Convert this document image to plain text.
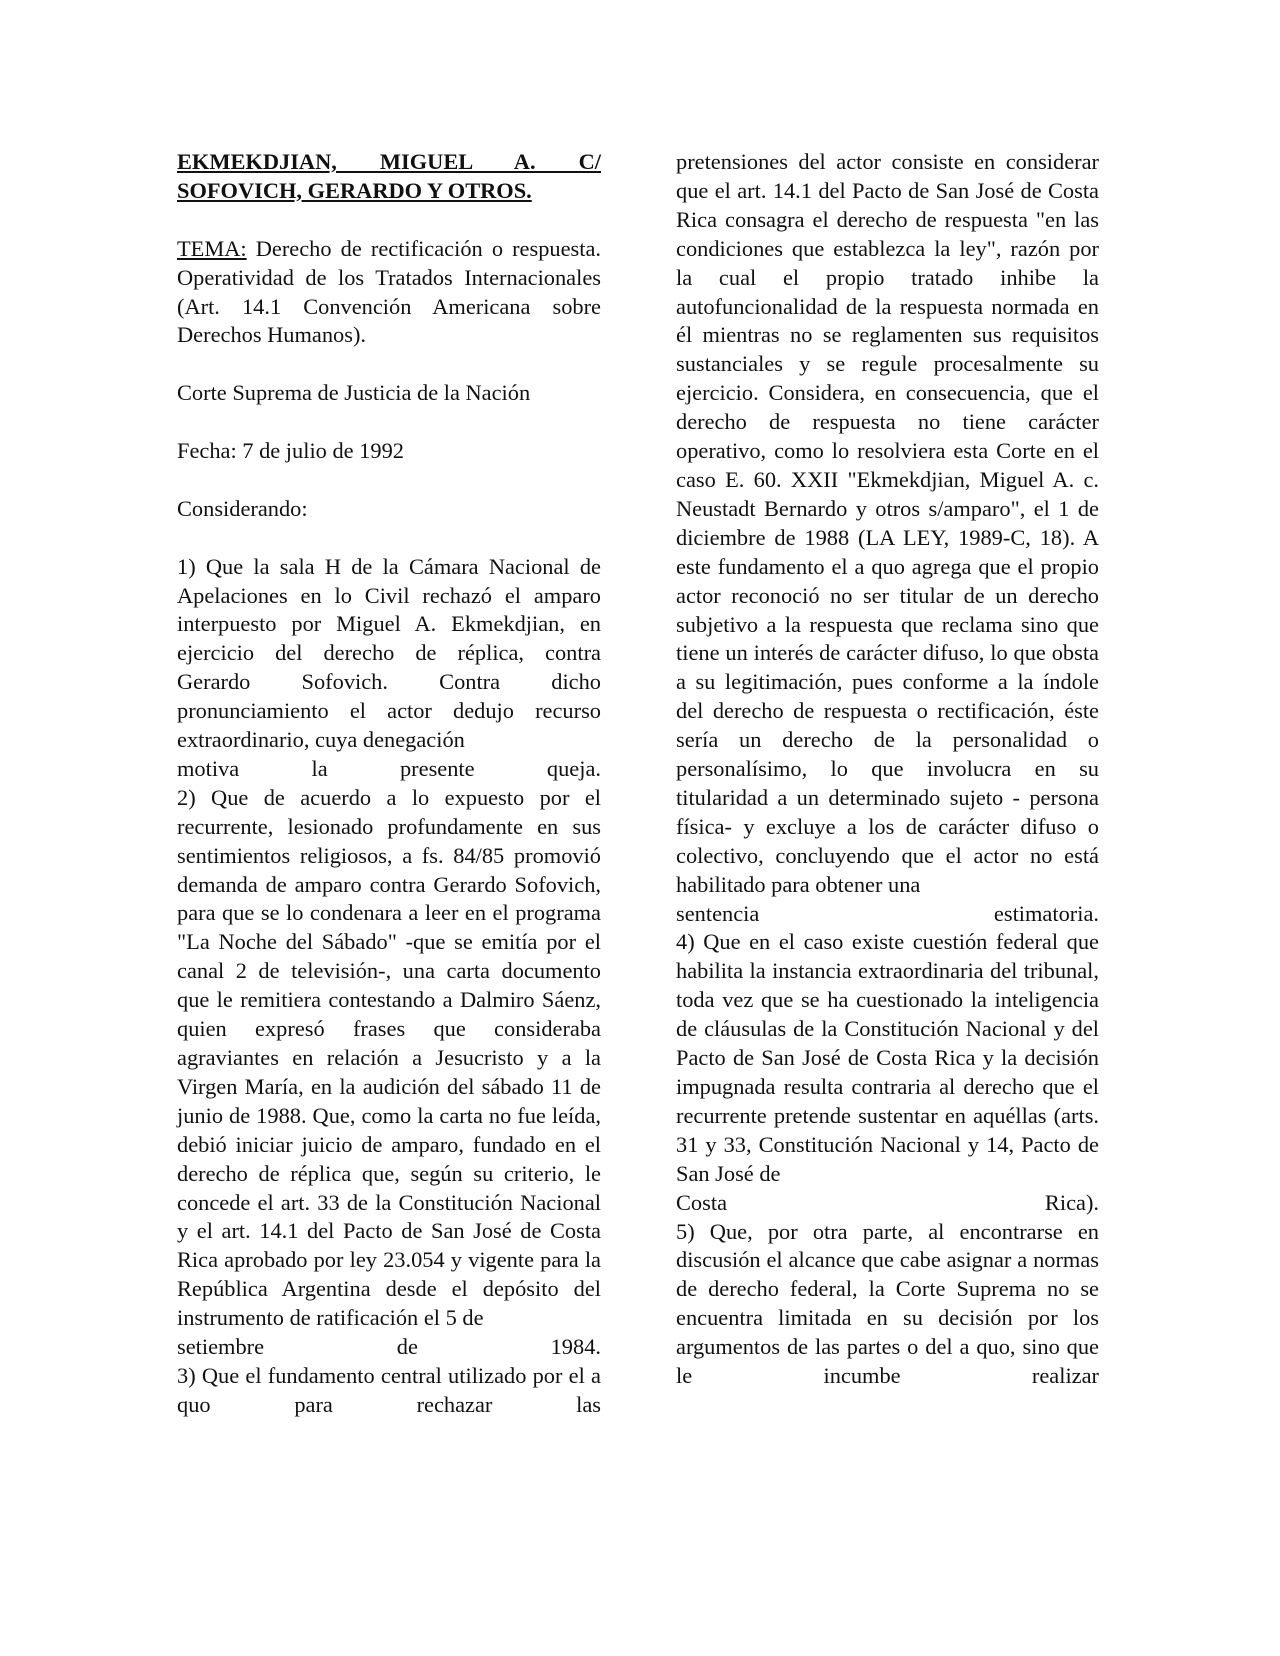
EKMEKDJIAN, MIGUEL A. C/

SOFOVICH, GERARDO Y OTROS.

TEMA: Derecho de rectificación o respuesta. Operatividad de los Tratados Internacionales (Art. 14.1 Convención Americana sobre Derechos Humanos).

Corte Suprema de Justicia de la Nación

Fecha: 7 de julio de 1992

Considerando:

1) Que la sala H de la Cámara Nacional de Apelaciones en lo Civil rechazó el amparo interpuesto por Miguel A. Ekmekdjian, en ejercicio del derecho de réplica, contra Gerardo Sofovich. Contra dicho pronunciamiento el actor dedujo recurso extraordinario, cuya denegación

motiva la presente queja.

2) Que de acuerdo a lo expuesto por el recurrente, lesionado profundamente en sus sentimientos religiosos, a fs. 84/85 promovió demanda de amparo contra Gerardo Sofovich, para que se lo condenara a leer en el programa "La Noche del Sábado" -que se emitía por el canal 2 de televisión-, una carta documento que le remitiera contestando a Dalmiro Sáenz, quien expresó frases que consideraba agraviantes en relación a Jesucristo y a la Virgen María, en la audición del sábado 11 de junio de 1988. Que, como la carta no fue leída, debió iniciar juicio de amparo, fundado en el derecho de réplica que, según su criterio, le concede el art. 33 de la Constitución Nacional y el art. 14.1 del Pacto de San José de Costa Rica aprobado por ley 23.054 y vigente para la República Argentina desde el depósito del instrumento de ratificación el 5 de

setiembre de 1984.

3) Que el fundamento central utilizado por el a quo para rechazar las

pretensiones del actor consiste en considerar que el art. 14.1 del Pacto de San José de Costa Rica consagra el derecho de respuesta "en las condiciones que establezca la ley", razón por la cual el propio tratado inhibe la autofuncionalidad de la respuesta normada en él mientras no se reglamenten sus requisitos sustanciales y se regule procesalmente su ejercicio. Considera, en consecuencia, que el derecho de respuesta no tiene carácter operativo, como lo resolviera esta Corte en el caso E. 60. XXII "Ekmekdjian, Miguel A. c. Neustadt Bernardo y otros s/amparo", el 1 de diciembre de 1988 (LA LEY, 1989-C, 18). A este fundamento el a quo agrega que el propio actor reconoció no ser titular de un derecho subjetivo a la respuesta que reclama sino que tiene un interés de carácter difuso, lo que obsta a su legitimación, pues conforme a la índole del derecho de respuesta o rectificación, éste sería un derecho de la personalidad o personalísimo, lo que involucra en su titularidad a un determinado sujeto - persona física- y excluye a los de carácter difuso o colectivo, concluyendo que el actor no está habilitado para obtener una

sentencia estimatoria.

4) Que en el caso existe cuestión federal que habilita la instancia extraordinaria del tribunal, toda vez que se ha cuestionado la inteligencia de cláusulas de la Constitución Nacional y del Pacto de San José de Costa Rica y la decisión impugnada resulta contraria al derecho que el recurrente pretende sustentar en aquéllas (arts. 31 y 33, Constitución Nacional y 14, Pacto de San José de

Costa Rica).

5) Que, por otra parte, al encontrarse en discusión el alcance que cabe asignar a normas de derecho federal, la Corte Suprema no se encuentra limitada en su decisión por los argumentos de las partes o del a quo, sino que le incumbe realizar
